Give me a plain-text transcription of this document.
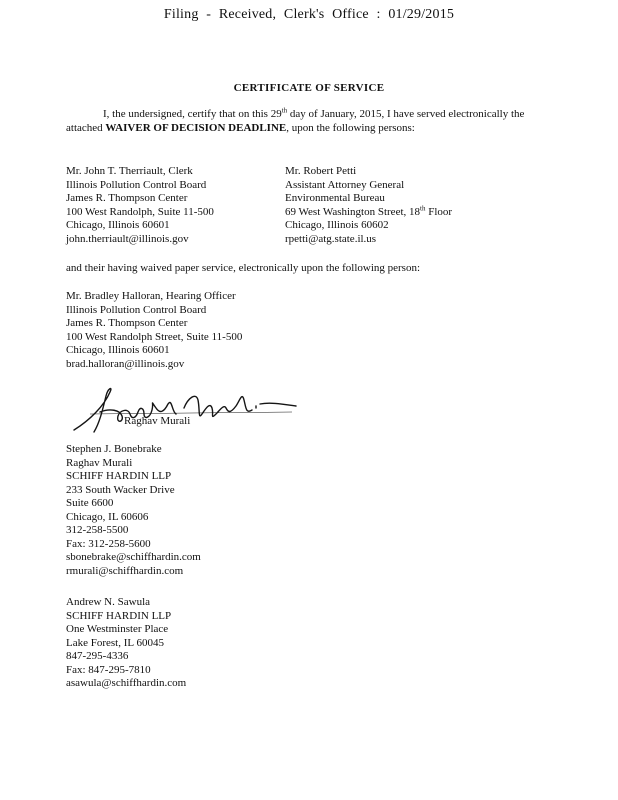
Filing - Received, Clerk's Office : 01/29/2015
CERTIFICATE OF SERVICE
I, the undersigned, certify that on this 29th day of January, 2015, I have served electronically the attached WAIVER OF DECISION DEADLINE, upon the following persons:
Mr. John T. Therriault, Clerk
Illinois Pollution Control Board
James R. Thompson Center
100 West Randolph, Suite 11-500
Chicago, Illinois 60601
john.therriault@illinois.gov
Mr. Robert Petti
Assistant Attorney General
Environmental Bureau
69 West Washington Street, 18th Floor
Chicago, Illinois 60602
rpetti@atg.state.il.us
and their having waived paper service, electronically upon the following person:
Mr. Bradley Halloran, Hearing Officer
Illinois Pollution Control Board
James R. Thompson Center
100 West Randolph Street, Suite 11-500
Chicago, Illinois 60601
brad.halloran@illinois.gov
Raghav Murali
Stephen J. Bonebrake
Raghav Murali
SCHIFF HARDIN LLP
233 South Wacker Drive
Suite 6600
Chicago, IL 60606
312-258-5500
Fax: 312-258-5600
sbonebrake@schiffhardin.com
rmurali@schiffhardin.com
Andrew N. Sawula
SCHIFF HARDIN LLP
One Westminster Place
Lake Forest, IL 60045
847-295-4336
Fax: 847-295-7810
asawula@schiffhardin.com
